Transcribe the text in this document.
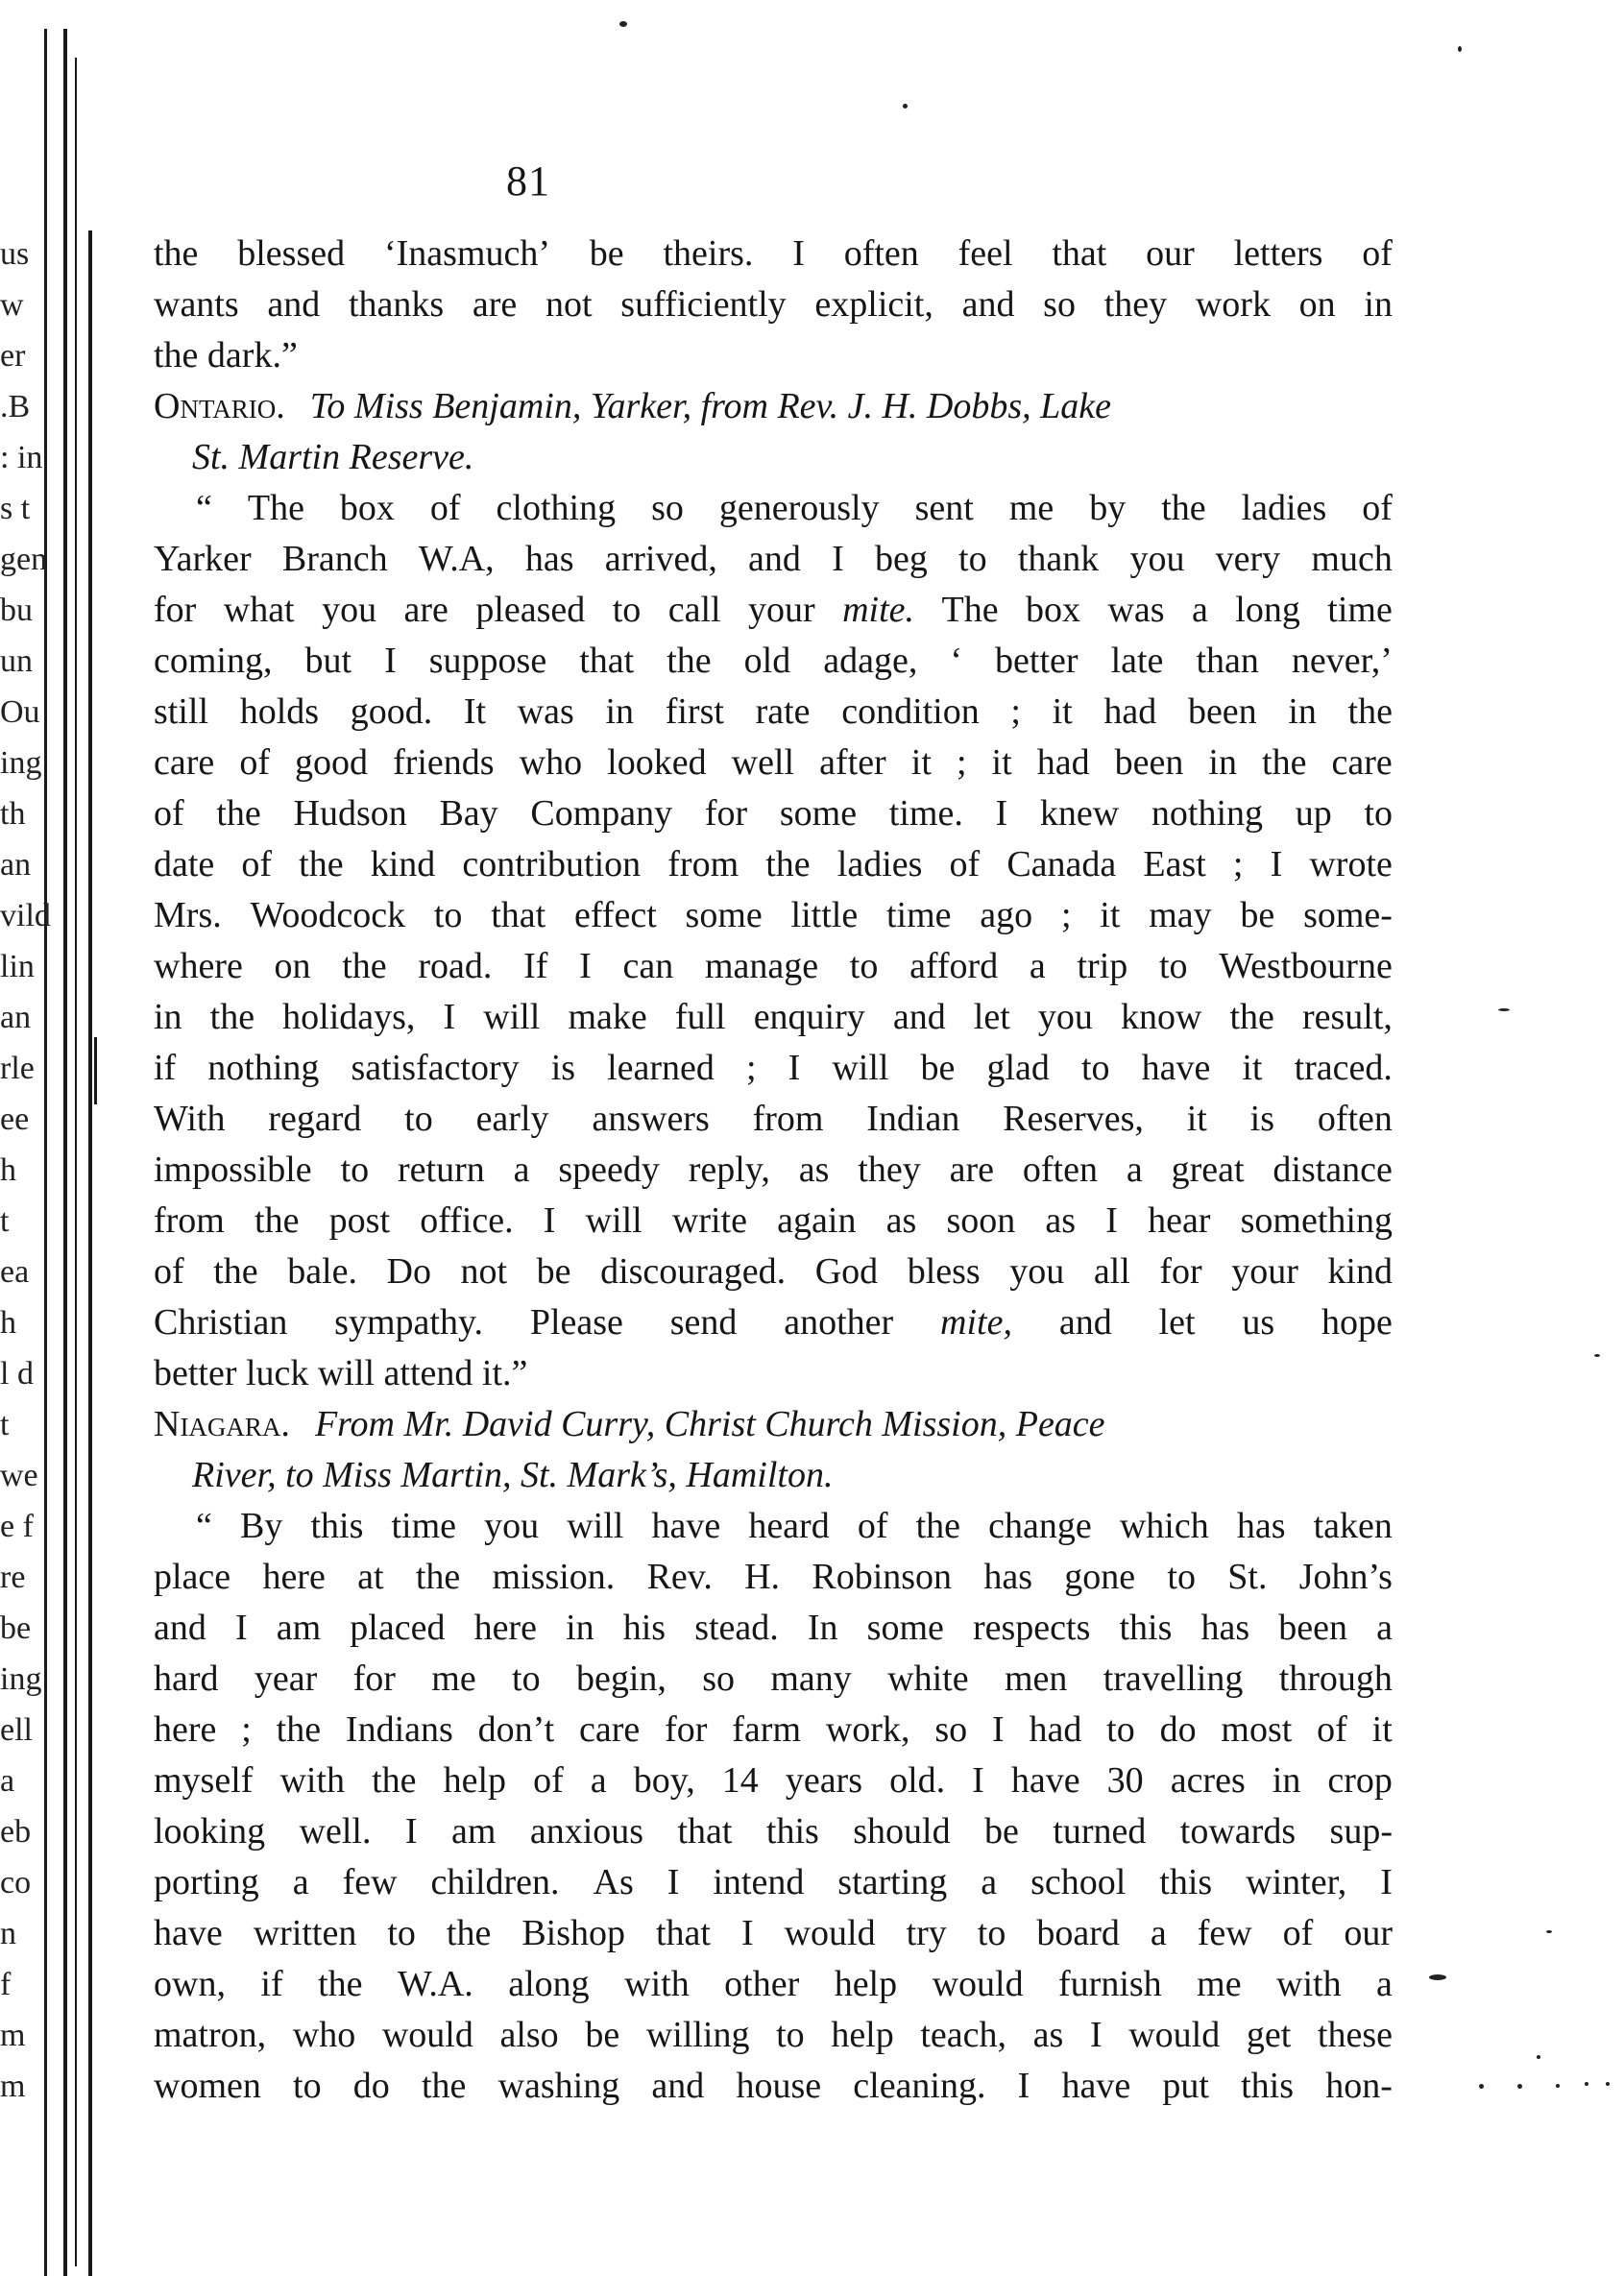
81
us
w
er
.B
: in
s t
gen
bu
un
Ou
ing
th
an
vild
lin
an
rle
ee
h
t
ea
h
l d
t
we
e f
re
be
ing
ell
a
eb
co
n
f
m
m
the blessed ‘Inasmuch’ be theirs. I often feel that our letters of
wants and thanks are not sufficiently explicit, and so they work on in
the dark.”
Ontario. To Miss Benjamin, Yarker, from Rev. J. H. Dobbs, Lake
St. Martin Reserve.
“ The box of clothing so generously sent me by the ladies of
Yarker Branch W.A, has arrived, and I beg to thank you very much
for what you are pleased to call your mite. The box was a long time
coming, but I suppose that the old adage, ‘ better late than never,’
still holds good. It was in first rate condition ; it had been in the
care of good friends who looked well after it ; it had been in the care
of the Hudson Bay Company for some time. I knew nothing up to
date of the kind contribution from the ladies of Canada East ; I wrote
Mrs. Woodcock to that effect some little time ago ; it may be some-
where on the road. If I can manage to afford a trip to Westbourne
in the holidays, I will make full enquiry and let you know the result,
if nothing satisfactory is learned ; I will be glad to have it traced.
With regard to early answers from Indian Reserves, it is often
impossible to return a speedy reply, as they are often a great distance
from the post office. I will write again as soon as I hear something
of the bale. Do not be discouraged. God bless you all for your kind
Christian sympathy. Please send another mite, and let us hope
better luck will attend it.”
Niagara. From Mr. David Curry, Christ Church Mission, Peace
River, to Miss Martin, St. Mark’s, Hamilton.
“ By this time you will have heard of the change which has taken
place here at the mission. Rev. H. Robinson has gone to St. John’s
and I am placed here in his stead. In some respects this has been a
hard year for me to begin, so many white men travelling through
here ; the Indians don’t care for farm work, so I had to do most of it
myself with the help of a boy, 14 years old. I have 30 acres in crop
looking well. I am anxious that this should be turned towards sup-
porting a few children. As I intend starting a school this winter, I
have written to the Bishop that I would try to board a few of our
own, if the W.A. along with other help would furnish me with a
matron, who would also be willing to help teach, as I would get these
women to do the washing and house cleaning. I have put this hon-
